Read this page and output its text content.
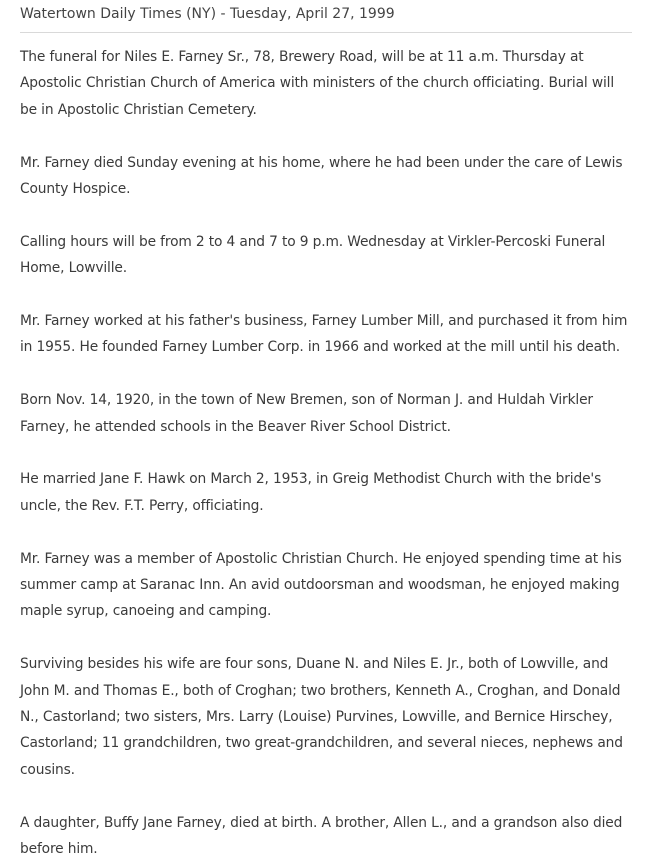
Watertown Daily Times (NY) - Tuesday, April 27, 1999

The funeral for Niles E. Farney Sr., 78, Brewery Road, will be at 11 a.m. Thursday at Apostolic Christian Church of America with ministers of the church officiating. Burial will be in Apostolic Christian Cemetery.

Mr. Farney died Sunday evening at his home, where he had been under the care of Lewis County Hospice.

Calling hours will be from 2 to 4 and 7 to 9 p.m. Wednesday at Virkler-Percoski Funeral Home, Lowville.

Mr. Farney worked at his father's business, Farney Lumber Mill, and purchased it from him in 1955. He founded Farney Lumber Corp. in 1966 and worked at the mill until his death.

Born Nov. 14, 1920, in the town of New Bremen, son of Norman J. and Huldah Virkler Farney, he attended schools in the Beaver River School District.

He married Jane F. Hawk on March 2, 1953, in Greig Methodist Church with the bride's uncle, the Rev. F.T. Perry, officiating.

Mr. Farney was a member of Apostolic Christian Church. He enjoyed spending time at his summer camp at Saranac Inn. An avid outdoorsman and woodsman, he enjoyed making maple syrup, canoeing and camping.

Surviving besides his wife are four sons, Duane N. and Niles E. Jr., both of Lowville, and John M. and Thomas E., both of Croghan; two brothers, Kenneth A., Croghan, and Donald N., Castorland; two sisters, Mrs. Larry (Louise) Purvines, Lowville, and Bernice Hirschey, Castorland; 11 grandchildren, two great-grandchildren, and several nieces, nephews and cousins.

A daughter, Buffy Jane Farney, died at birth. A brother, Allen L., and a grandson also died before him.
